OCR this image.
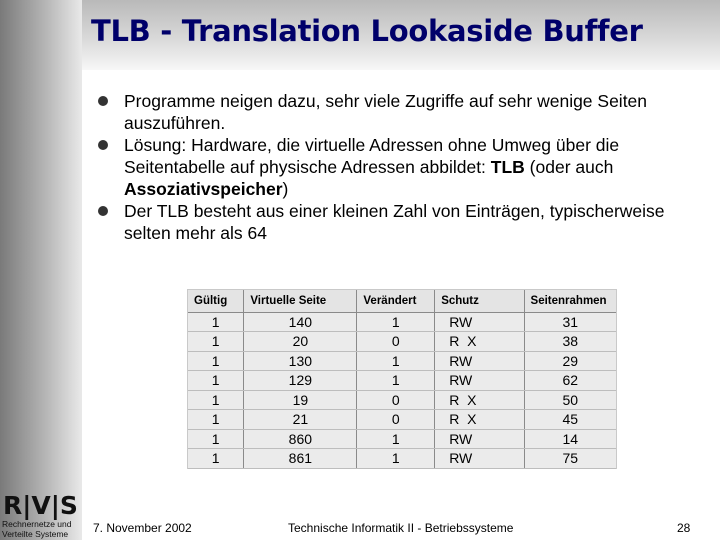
TLB - Translation Lookaside Buffer
Programme neigen dazu, sehr viele Zugriffe auf sehr wenige Seiten auszuführen.
Lösung: Hardware, die virtuelle Adressen ohne Umweg über die Seitentabelle auf physische Adressen abbildet: TLB (oder auch Assoziativspeicher)
Der TLB besteht aus einer kleinen Zahl von Einträgen, typischerweise selten mehr als 64
Gültig	Virtuelle Seite	Verändert	Schutz	Seitenrahmen
1	140	1	RW	31
1	20	0	R  X	38
1	130	1	RW	29
1	129	1	RW	62
1	19	0	R  X	50
1	21	0	R  X	45
1	860	1	RW	14
1	861	1	RW	75
R|V|S
Rechnernetze und
Verteilte Systeme	7. November 2002	Technische Informatik II - Betriebssysteme	28
